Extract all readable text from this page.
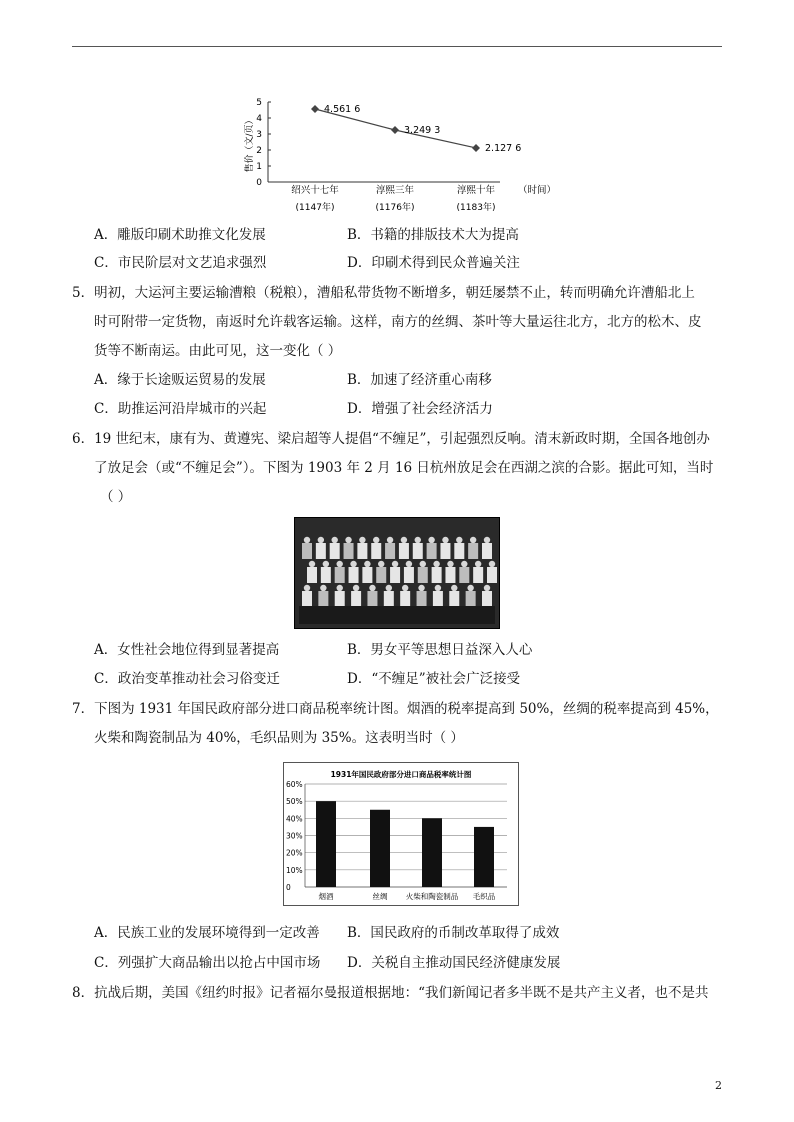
售价（文/页）
0
1
2
3
4
5
4.561 6
3.249 3
2.127 6
绍兴十七年
(1147年)
淳熙三年
(1176年)
淳熙十年
(1183年)
（时间）
A．雕版印刷术助推文化发展	B．书籍的排版技术大为提高
C．市民阶层对文艺追求强烈	D．印刷术得到民众普遍关注
5．明初，大运河主要运输漕粮（税粮），漕船私带货物不断增多，朝廷屡禁不止，转而明确允许漕船北上
时可附带一定货物，南返时允许载客运输。这样，南方的丝绸、茶叶等大量运往北方，北方的松木、皮
货等不断南运。由此可见，这一变化（ ）
A．缘于长途贩运贸易的发展	B．加速了经济重心南移
C．助推运河沿岸城市的兴起	D．增强了社会经济活力
6．19 世纪末，康有为、黄遵宪、梁启超等人提倡“不缠足”，引起强烈反响。清末新政时期，全国各地创办
了放足会（或“不缠足会”）。下图为 1903 年 2 月 16 日杭州放足会在西湖之滨的合影。据此可知，当时
（ ）
A．女性社会地位得到显著提高	B．男女平等思想日益深入人心
C．政治变革推动社会习俗变迁	D．“不缠足”被社会广泛接受
7．下图为 1931 年国民政府部分进口商品税率统计图。烟酒的税率提高到 50%，丝绸的税率提高到 45%，
火柴和陶瓷制品为 40%，毛织品则为 35%。这表明当时（ ）
1931年国民政府部分进口商品税率统计图
0
10%
20%
30%
40%
50%
60%
烟酒	丝绸 火柴和陶瓷制品 毛织品
A．民族工业的发展环境得到一定改善 B．国民政府的币制改革取得了成效
C．列强扩大商品输出以抢占中国市场 D．关税自主推动国民经济健康发展
8．抗战后期，美国《纽约时报》记者福尔曼报道根据地：“我们新闻记者多半既不是共产主义者，也不是共
2
